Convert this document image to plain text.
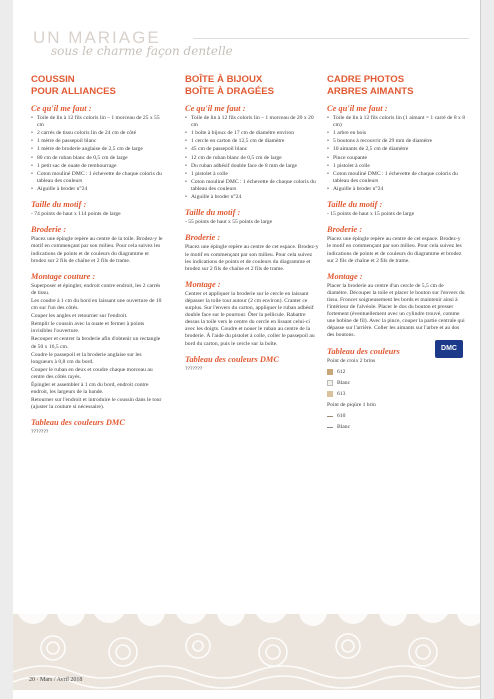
UN MARIAGE
sous le charme façon dentelle
COUSSIN
POUR ALLIANCES
Ce qu'il me faut :
• Toile de lin à 12 fils coloris lin – 1 morceau de 25 x 55 cm
• 2 carrés de tissu coloris lin de 24 cm de côté
• 1 mètre de passepoil blanc
• 1 mètre de broderie anglaise de 2,5 cm de large
• 80 cm de ruban blanc de 0,5 cm de large
• 1 petit sac de ouate de rembourrage
• Coton mouliné DMC : 1 échevette de chaque coloris du tableau des couleurs
• Aiguille à broder n°24
Taille du motif :
- 74 points de haut x 114 points de large
Broderie :
Placez une épingle repère au centre de la toile. Brodez-y le motif en commençant par son milieu. Pour cela suivez les indications de points et de couleurs du diagramme et brodez sur 2 fils de chaîne et 2 fils de trame.
Montage couture :
Superposer et épingler, endroit contre endroit, les 2 carrés de tissu.
Les coudre à 1 cm du bord en laissant une ouverture de 10 cm sur l'un des côtés.
Couper les angles et retourner sur l'endroit.
Remplir le coussin avec la ouate et fermer à points invisibles l'ouverture.
Recouper et centrer la broderie afin d'obtenir un rectangle de 50 x 16,5 cm.
Coudre le passepoil et la broderie anglaise sur les longueurs à 0,8 cm du bord.
Couper le ruban en deux et coudre chaque morceau au centre des côtés rayés.
Épingler et assembler à 1 cm du bord, endroit contre endroit, les largeurs de la bande.
Retourner sur l'endroit et introduire le coussin dans le tour (ajuster la couture si nécessaire).
Tableau des couleurs DMC
???????
BOÎTE À BIJOUX
BOÎTE À DRAGÉES
Ce qu'il me faut :
• Toile de lin à 12 fils coloris lin – 1 morceau de 20 x 20 cm
• 1 boîte à bijoux de 17 cm de diamètre environ
• 1 cercle en carton de 12,5 cm de diamètre
• 45 cm de passepoil blanc
• 12 cm de ruban blanc de 0,5 cm de large
• Du ruban adhésif double face de 8 mm de large
• 1 pistolet à colle
• Coton mouliné DMC : 1 échevette de chaque coloris du tableau des couleurs
• Aiguille à broder n°24
Taille du motif :
- 55 points de haut x 55 points de large
Broderie :
Placez une épingle repère au centre de cet espace. Brodez-y le motif en commençant par son milieu. Pour cela suivez les indications de points et de couleurs du diagramme et brodez sur 2 fils de chaîne et 2 fils de trame.
Montage :
Centrer et appliquer la broderie sur le cercle en laissant dépasser la toile tout autour (2 cm environ). Cranter ce surplus. Sur l'envers du carton, appliquer le ruban adhésif double face sur le pourtour. Ôter la pellicule. Rabattre dessus la toile vers le centre du cercle en lissant celui-ci avec les doigts. Coudre et nouer le ruban au centre de la broderie. À l'aide du pistolet à colle, coller le passepoil au bord du carton, puis le cercle sur la boîte.
Tableau des couleurs DMC
???????
CADRE PHOTOS
ARBRES AIMANTS
Ce qu'il me faut :
• Toile de lin à 12 fils coloris lin (1 aimant = 1 carré de 8 x 8 cm)
• 1 arbre en bois
• 5 boutons à recouvrir de 29 mm de diamètre
• 10 aimants de 2,5 cm de diamètre
• Pince coupante
• 1 pistolet à colle
• Coton mouliné DMC : 1 échevette de chaque coloris du tableau des couleurs
• Aiguille à broder n°24
Taille du motif :
- 15 points de haut x 15 points de large
Broderie :
Placez une épingle repère au centre de cet espace. Brodez-y le motif en commençant par son milieu. Pour cela suivez les indications de points et de couleurs du diagramme et brodez sur 2 fils de chaîne et 2 fils de trame.
Montage :
Placer la broderie au centre d'un cercle de 5,5 cm de diamètre. Découper la toile et placer le bouton sur l'envers du tissu. Froncer soigneusement les bords et maintenir ainsi à l'intérieur de l'alvéole. Placer le dos du bouton et presser fortement (éventuellement avec un cylindre trouvé, comme une bobine de fil). Avec la pince, couper la partie centrale qui dépasse sur l'arrière. Coller les aimants sur l'arbre et au dos des boutons.
Tableau des couleurs	DMC
Point de croix 2 brins
612
Blanc
613
Point de piqûre 1 brin
610
Blanc
20 · Mars / Avril 2018
